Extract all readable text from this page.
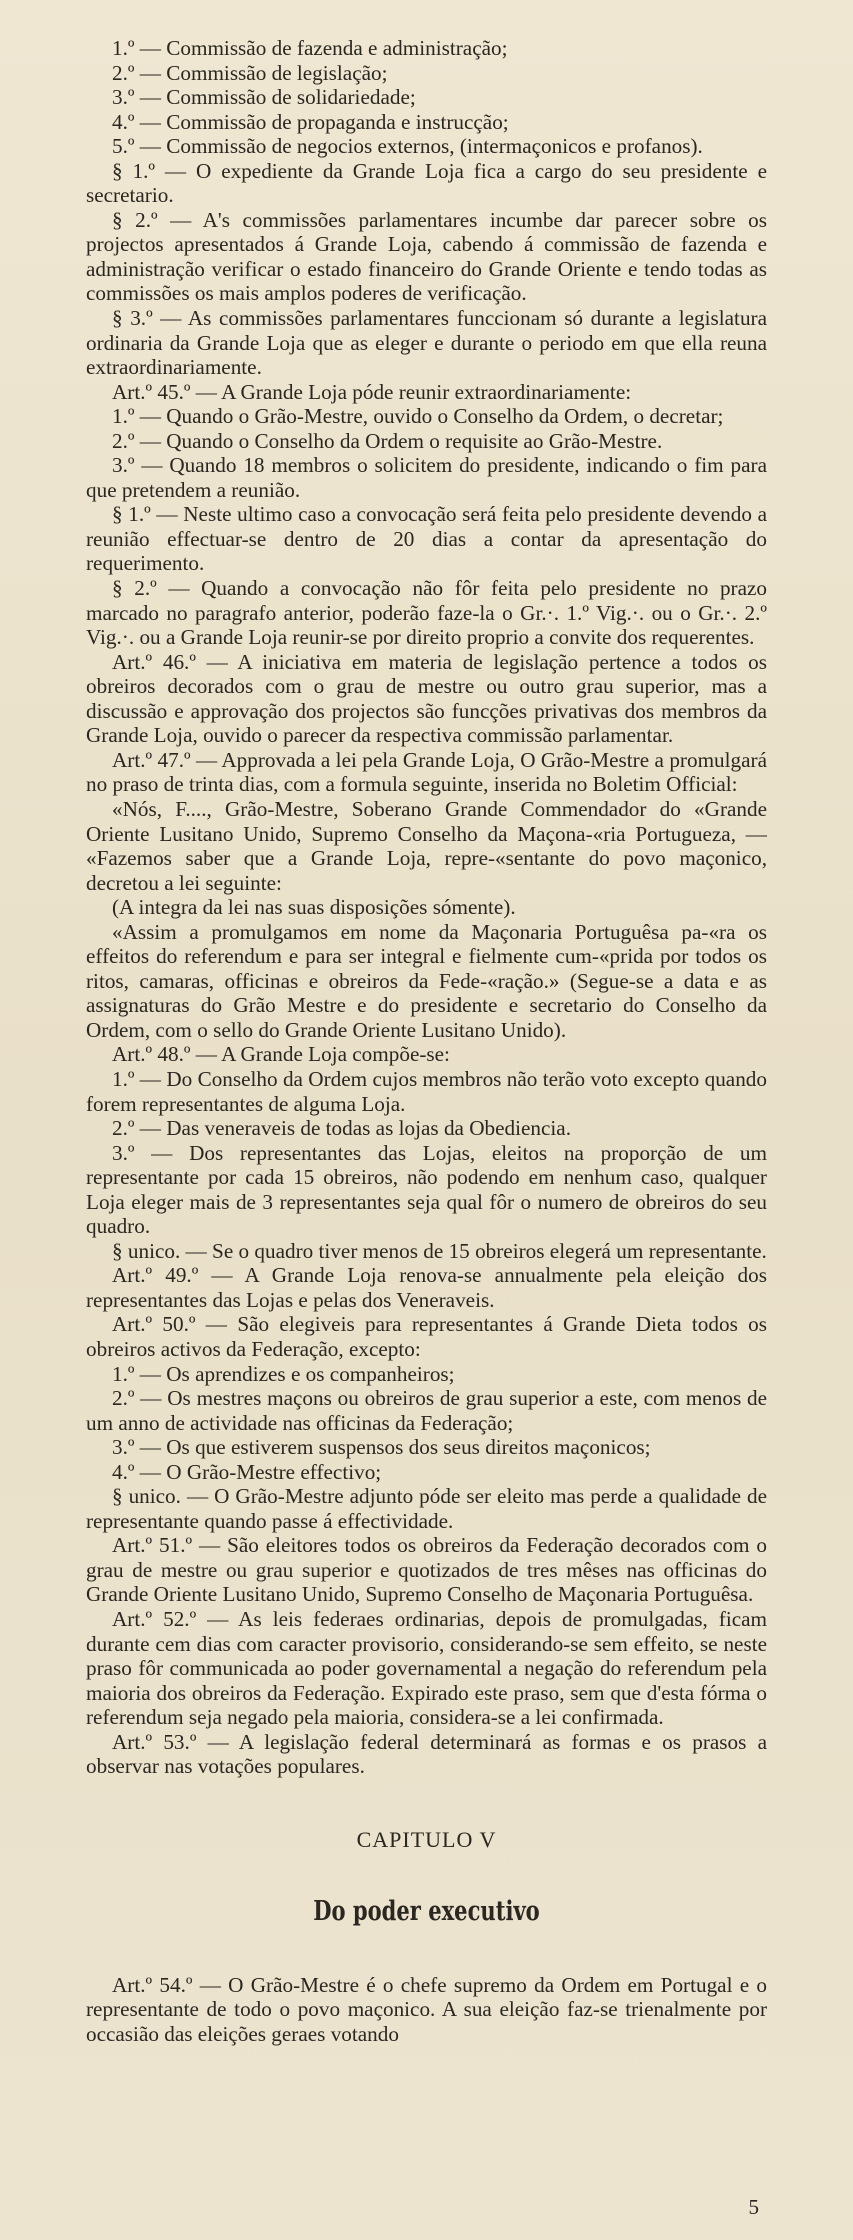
1.º — Commissão de fazenda e administração;

2.º — Commissão de legislação;

3.º — Commissão de solidariedade;

4.º — Commissão de propaganda e instrucção;

5.º — Commissão de negocios externos, (intermaçonicos e profanos).

§ 1.º — O expediente da Grande Loja fica a cargo do seu presidente e secretario.

§ 2.º — A's commissões parlamentares incumbe dar parecer sobre os projectos apresentados á Grande Loja, cabendo á commissão de fazenda e administração verificar o estado financeiro do Grande Oriente e tendo todas as commissões os mais amplos poderes de verificação.

§ 3.º — As commissões parlamentares funccionam só durante a legislatura ordinaria da Grande Loja que as eleger e durante o periodo em que ella reuna extraordinariamente.

Art.º 45.º — A Grande Loja póde reunir extraordinariamente:

1.º — Quando o Grão-Mestre, ouvido o Conselho da Ordem, o decretar;

2.º — Quando o Conselho da Ordem o requisite ao Grão-Mestre.

3.º — Quando 18 membros o solicitem do presidente, indicando o fim para que pretendem a reunião.

§ 1.º — Neste ultimo caso a convocação será feita pelo presidente devendo a reunião effectuar-se dentro de 20 dias a contar da apresentação do requerimento.

§ 2.º — Quando a convocação não fôr feita pelo presidente no prazo marcado no paragrafo anterior, poderão faze-la o Gr.·. 1.º Vig.·. ou o Gr.·. 2.º Vig.·. ou a Grande Loja reunir-se por direito proprio a convite dos requerentes.

Art.º 46.º — A iniciativa em materia de legislação pertence a todos os obreiros decorados com o grau de mestre ou outro grau superior, mas a discussão e approvação dos projectos são funcções privativas dos membros da Grande Loja, ouvido o parecer da respectiva commissão parlamentar.

Art.º 47.º — Approvada a lei pela Grande Loja, O Grão-Mestre a promulgará no praso de trinta dias, com a formula seguinte, inserida no Boletim Official:

«Nós, F...., Grão-Mestre, Soberano Grande Commendador do «Grande Oriente Lusitano Unido, Supremo Conselho da Maçona-«ria Portugueza, — «Fazemos saber que a Grande Loja, repre-«sentante do povo maçonico, decretou a lei seguinte:

(A integra da lei nas suas disposições sómente).

«Assim a promulgamos em nome da Maçonaria Portuguêsa pa-«ra os effeitos do referendum e para ser integral e fielmente cum-«prida por todos os ritos, camaras, officinas e obreiros da Fede-«ração.» (Segue-se a data e as assignaturas do Grão Mestre e do presidente e secretario do Conselho da Ordem, com o sello do Grande Oriente Lusitano Unido).

Art.º 48.º — A Grande Loja compõe-se:

1.º — Do Conselho da Ordem cujos membros não terão voto excepto quando forem representantes de alguma Loja.

2.º — Das veneraveis de todas as lojas da Obediencia.

3.º — Dos representantes das Lojas, eleitos na proporção de um representante por cada 15 obreiros, não podendo em nenhum caso, qualquer Loja eleger mais de 3 representantes seja qual fôr o numero de obreiros do seu quadro.

§ unico. — Se o quadro tiver menos de 15 obreiros elegerá um representante.

Art.º 49.º — A Grande Loja renova-se annualmente pela eleição dos representantes das Lojas e pelas dos Veneraveis.

Art.º 50.º — São elegiveis para representantes á Grande Dieta todos os obreiros activos da Federação, excepto:

1.º — Os aprendizes e os companheiros;

2.º — Os mestres maçons ou obreiros de grau superior a este, com menos de um anno de actividade nas officinas da Federação;

3.º — Os que estiverem suspensos dos seus direitos maçonicos;

4.º — O Grão-Mestre effectivo;

§ unico. — O Grão-Mestre adjunto póde ser eleito mas perde a qualidade de representante quando passe á effectividade.

Art.º 51.º — São eleitores todos os obreiros da Federação decorados com o grau de mestre ou grau superior e quotizados de tres mêses nas officinas do Grande Oriente Lusitano Unido, Supremo Conselho de Maçonaria Portuguêsa.

Art.º 52.º — As leis federaes ordinarias, depois de promulgadas, ficam durante cem dias com caracter provisorio, considerando-se sem effeito, se neste praso fôr communicada ao poder governamental a negação do referendum pela maioria dos obreiros da Federação. Expirado este praso, sem que d'esta fórma o referendum seja negado pela maioria, considera-se a lei confirmada.

Art.º 53.º — A legislação federal determinará as formas e os prasos a observar nas votações populares.

CAPITULO V
Do poder executivo

Art.º 54.º — O Grão-Mestre é o chefe supremo da Ordem em Portugal e o representante de todo o povo maçonico. A sua eleição faz-se trienalmente por occasião das eleições geraes votando

5
